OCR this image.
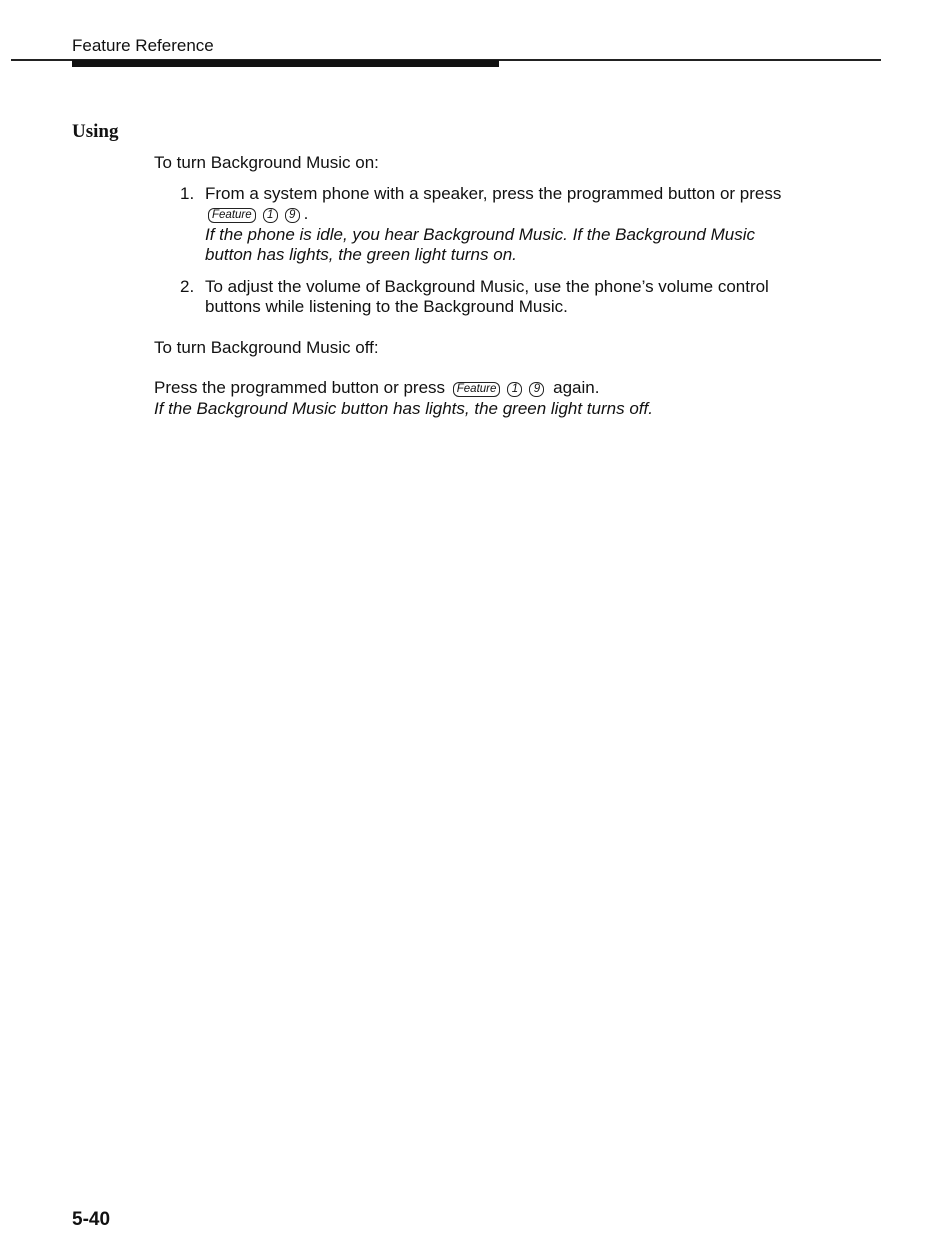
Feature Reference
Using

To turn Background Music on:

1. From a system phone with a speaker, press the programmed button or press Feature 1 9 .
If the phone is idle, you hear Background Music. If the Background Music button has lights, the green light turns on.
2. To adjust the volume of Background Music, use the phone’s volume control buttons while listening to the Background Music.

To turn Background Music off:

Press the programmed button or press Feature 1 9 again.

If the Background Music button has lights, the green light turns off.

5-40
